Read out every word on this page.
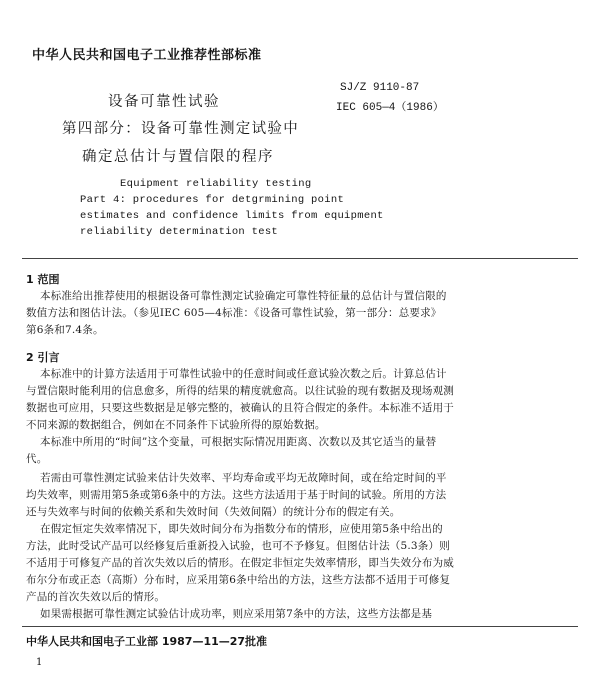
中华人民共和国电子工业推荐性部标准
SJ/Z 9110-87
IEC 605—4（1986）
设备可靠性试验
第四部分：设备可靠性测定试验中
确定总估计与置信限的程序
Equipment reliability testing
Part 4: procedures for detgrmining point
estimates and confidence limits from equipment
reliability determination test
1 范围
本标准给出推荐使用的根据设备可靠性测定试验确定可靠性特征量的总估计与置信限的
数值方法和图估计法。（参见IEC 605—4标准：《设备可靠性试验，第一部分：总要求》
第6条和7.4条。
2 引言
本标准中的计算方法适用于可靠性试验中的任意时间或任意试验次数之后。计算总估计
与置信限时能利用的信息愈多，所得的结果的精度就愈高。以往试验的现有数据及现场观测
数据也可应用，只要这些数据是足够完整的，被确认的且符合假定的条件。本标准不适用于
不同来源的数据组合，例如在不同条件下试验所得的原始数据。
本标准中所用的“时间”这个变量，可根据实际情况用距离、次数以及其它适当的量替
代。
若需由可靠性测定试验来估计失效率、平均寿命或平均无故障时间，或在给定时间的平
均失效率，则需用第5条或第6条中的方法。这些方法适用于基于时间的试验。所用的方法
还与失效率与时间的依赖关系和失效时间（失效间隔）的统计分布的假定有关。
在假定恒定失效率情况下，即失效时间分布为指数分布的情形，应使用第5条中给出的
方法，此时受试产品可以经修复后重新投入试验，也可不予修复。但图估计法（5.3条）则
不适用于可修复产品的首次失效以后的情形。在假定非恒定失效率情形，即当失效分布为威
布尔分布或正态（高斯）分布时，应采用第6条中给出的方法，这些方法都不适用于可修复
产品的首次失效以后的情形。
如果需根据可靠性测定试验估计成功率，则应采用第7条中的方法，这些方法都是基
中华人民共和国电子工业部 1987—11—27批准
1
